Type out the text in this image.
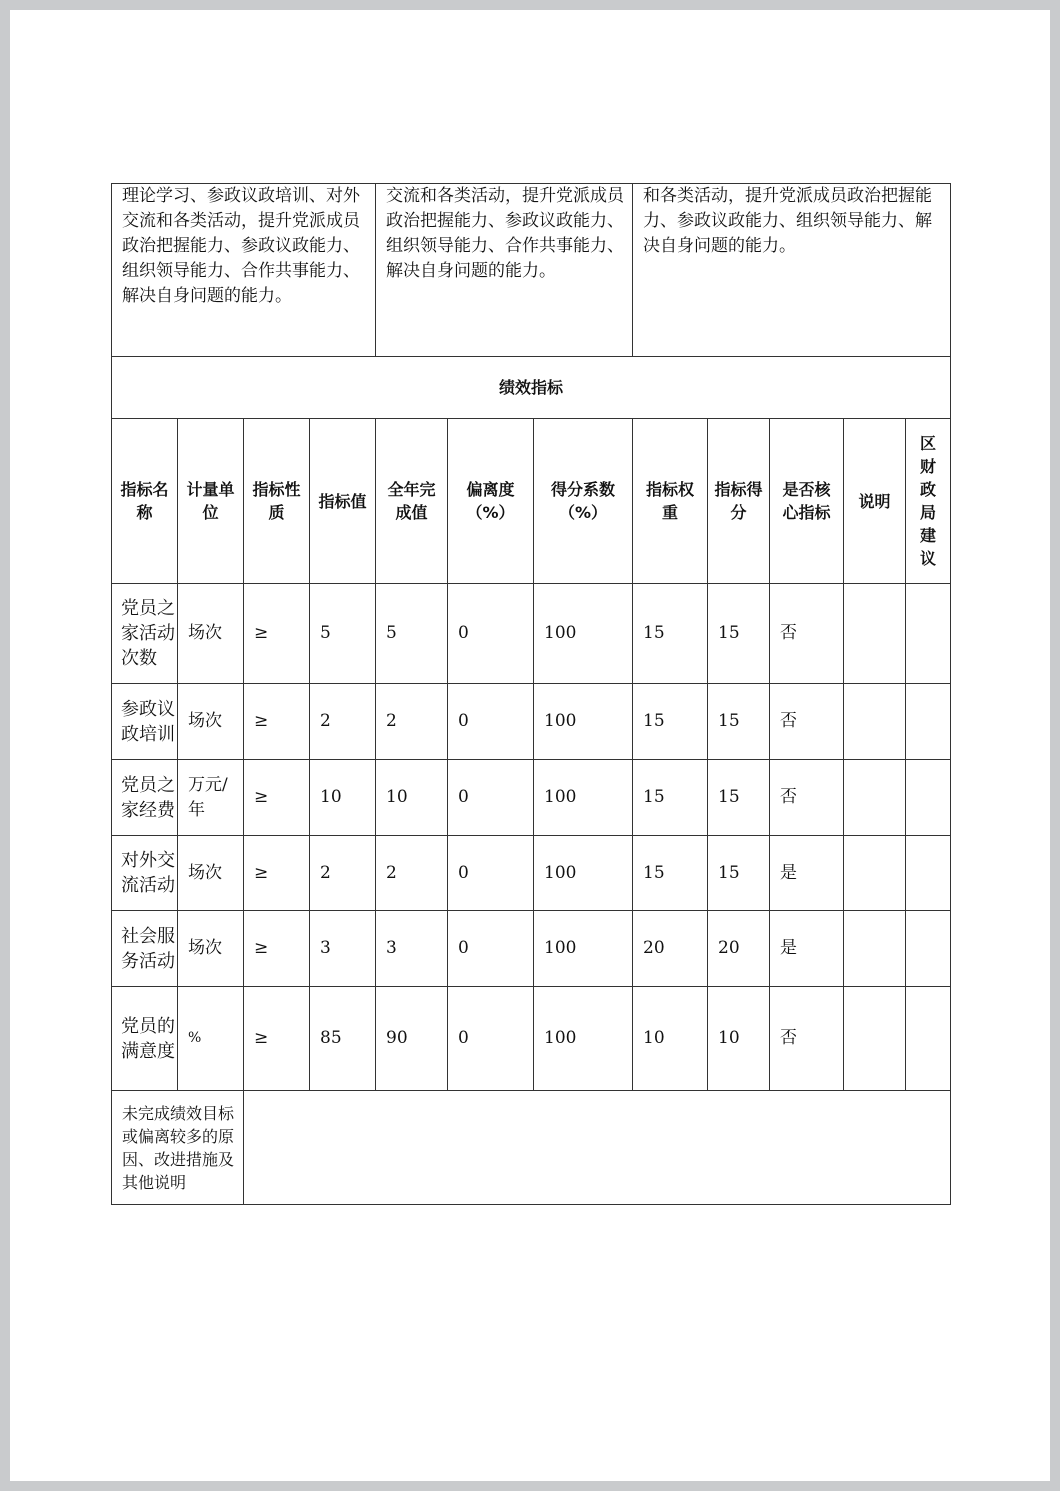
理论学习、参政议政培训、对外交流和各类活动，提升党派成员政治把握能力、参政议政能力、组织领导能力、合作共事能力、解决自身问题的能力。				交流和各类活动，提升党派成员政治把握能力、参政议政能力、组织领导能力、合作共事能力、解决自身问题的能力。			和各类活动，提升党派成员政治把握能力、参政议政能力、组织领导能力、解决自身问题的能力。				
绩效指标											
指标名称	计量单位	指标性质	指标值	全年完成值	偏离度（%）	得分系数（%）	指标权重	指标得分	是否核心指标	说明	区财政局建议
党员之家活动次数	场次	≥	5	5	0	100	15	15	否		
参政议政培训	场次	≥	2	2	0	100	15	15	否		
党员之家经费	万元/年	≥	10	10	0	100	15	15	否		
对外交流活动	场次	≥	2	2	0	100	15	15	是		
社会服务活动	场次	≥	3	3	0	100	20	20	是		
党员的满意度	%	≥	85	90	0	100	10	10	否		
未完成绩效目标或偏离较多的原因、改进措施及其他说明											
